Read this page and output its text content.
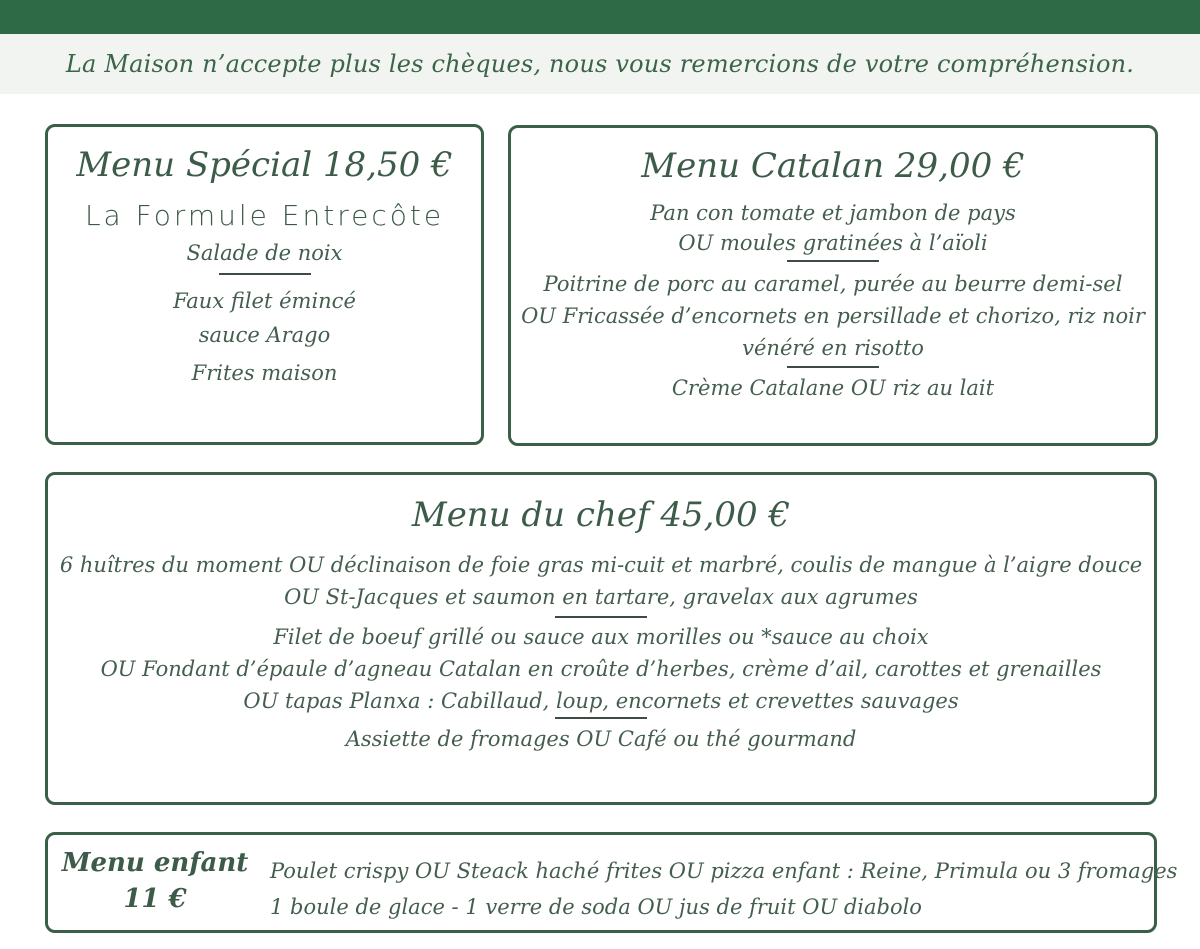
La Maison n’accepte plus les chèques, nous vous remercions de votre compréhension.
Menu Spécial 18,50 €
La Formule Entrecôte
Salade de noix
Faux filet émincé
sauce Arago
Frites maison
Menu Catalan 29,00 €
Pan con tomate et jambon de pays
OU moules gratinées à l’aïoli
Poitrine de porc au caramel, purée au beurre demi-sel
OU Fricassée d’encornets en persillade et chorizo, riz noir
vénéré en risotto
Crème Catalane OU riz au lait
Menu du chef 45,00 €
6 huîtres du moment OU déclinaison de foie gras mi-cuit et marbré, coulis de mangue à l’aigre douce
OU St-Jacques et saumon en tartare, gravelax aux agrumes
Filet de boeuf grillé ou sauce aux morilles ou *sauce au choix
OU Fondant d’épaule d’agneau Catalan en croûte d’herbes, crème d’ail, carottes et grenailles
OU tapas Planxa : Cabillaud, loup, encornets et crevettes sauvages
Assiette de fromages OU Café ou thé gourmand
Menu enfant
11 €
Poulet crispy OU Steack haché frites OU pizza enfant : Reine, Primula ou 3 fromages
1 boule de glace - 1 verre de soda OU jus de fruit OU diabolo
